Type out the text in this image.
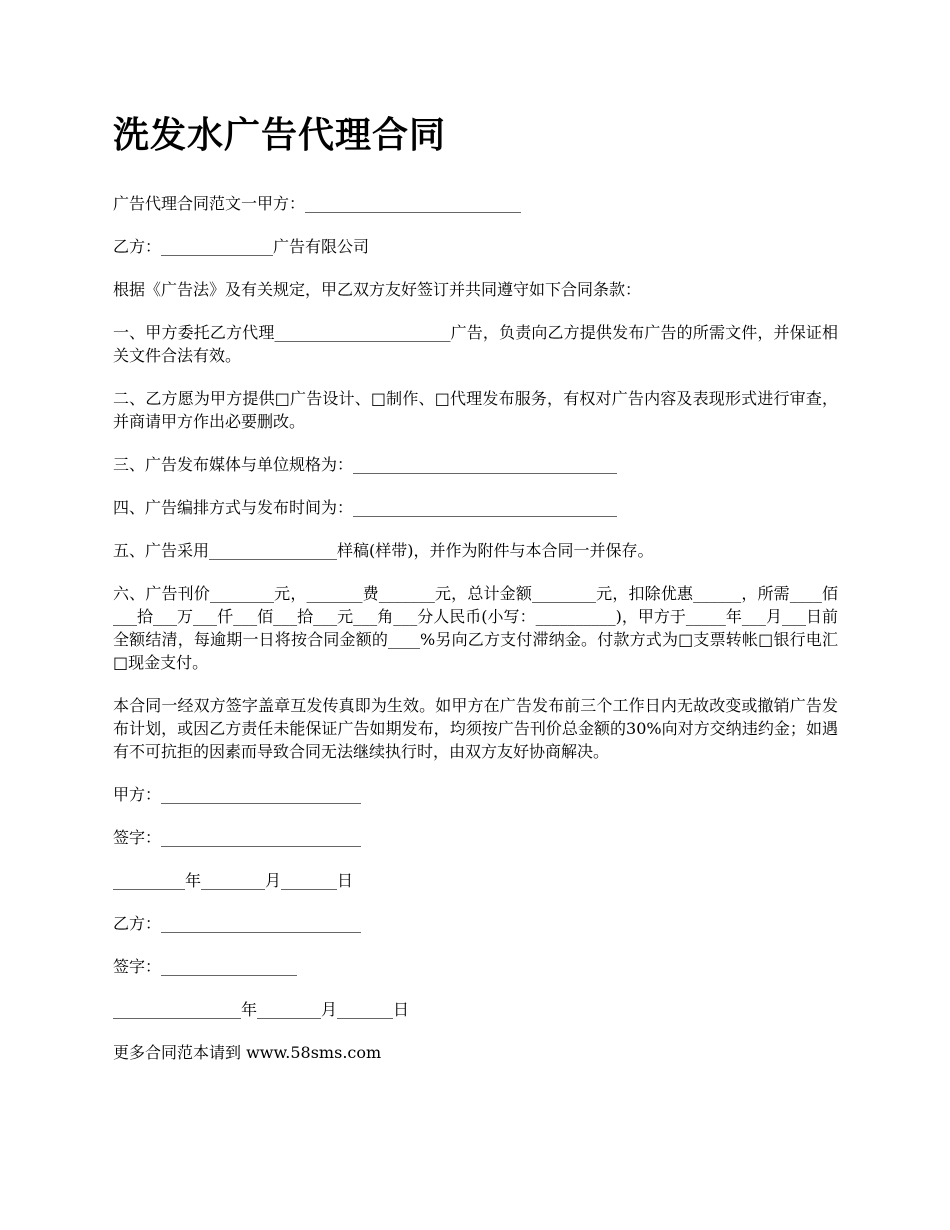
洗发水广告代理合同

广告代理合同范文一甲方：___________________________

乙方：______________广告有限公司

根据《广告法》及有关规定，甲乙双方友好签订并共同遵守如下合同条款：

一、甲方委托乙方代理______________________广告，负责向乙方提供发布广告的所需文件，并保证相关文件合法有效。

二、乙方愿为甲方提供□广告设计、□制作、□代理发布服务，有权对广告内容及表现形式进行审查，并商请甲方作出必要删改。

三、广告发布媒体与单位规格为：_________________________________

四、广告编排方式与发布时间为：_________________________________

五、广告采用________________样稿(样带)，并作为附件与本合同一并保存。

六、广告刊价________元，_______费_______元，总计金额________元，扣除优惠______，所需____佰___拾___万___仟___佰___拾___元___角___分人民币(小写：__________)，甲方于_____年___月___日前全额结清，每逾期一日将按合同金额的____%另向乙方支付滞纳金。付款方式为□支票转帐□银行电汇□现金支付。

本合同一经双方签字盖章互发传真即为生效。如甲方在广告发布前三个工作日内无故改变或撤销广告发布计划，或因乙方责任未能保证广告如期发布，均须按广告刊价总金额的30%向对方交纳违约金；如遇有不可抗拒的因素而导致合同无法继续执行时，由双方友好协商解决。

甲方：_________________________

签字：_________________________

_________年________月_______日

乙方：_________________________

签字：_________________

________________年________月_______日

更多合同范本请到 www.58sms.com
